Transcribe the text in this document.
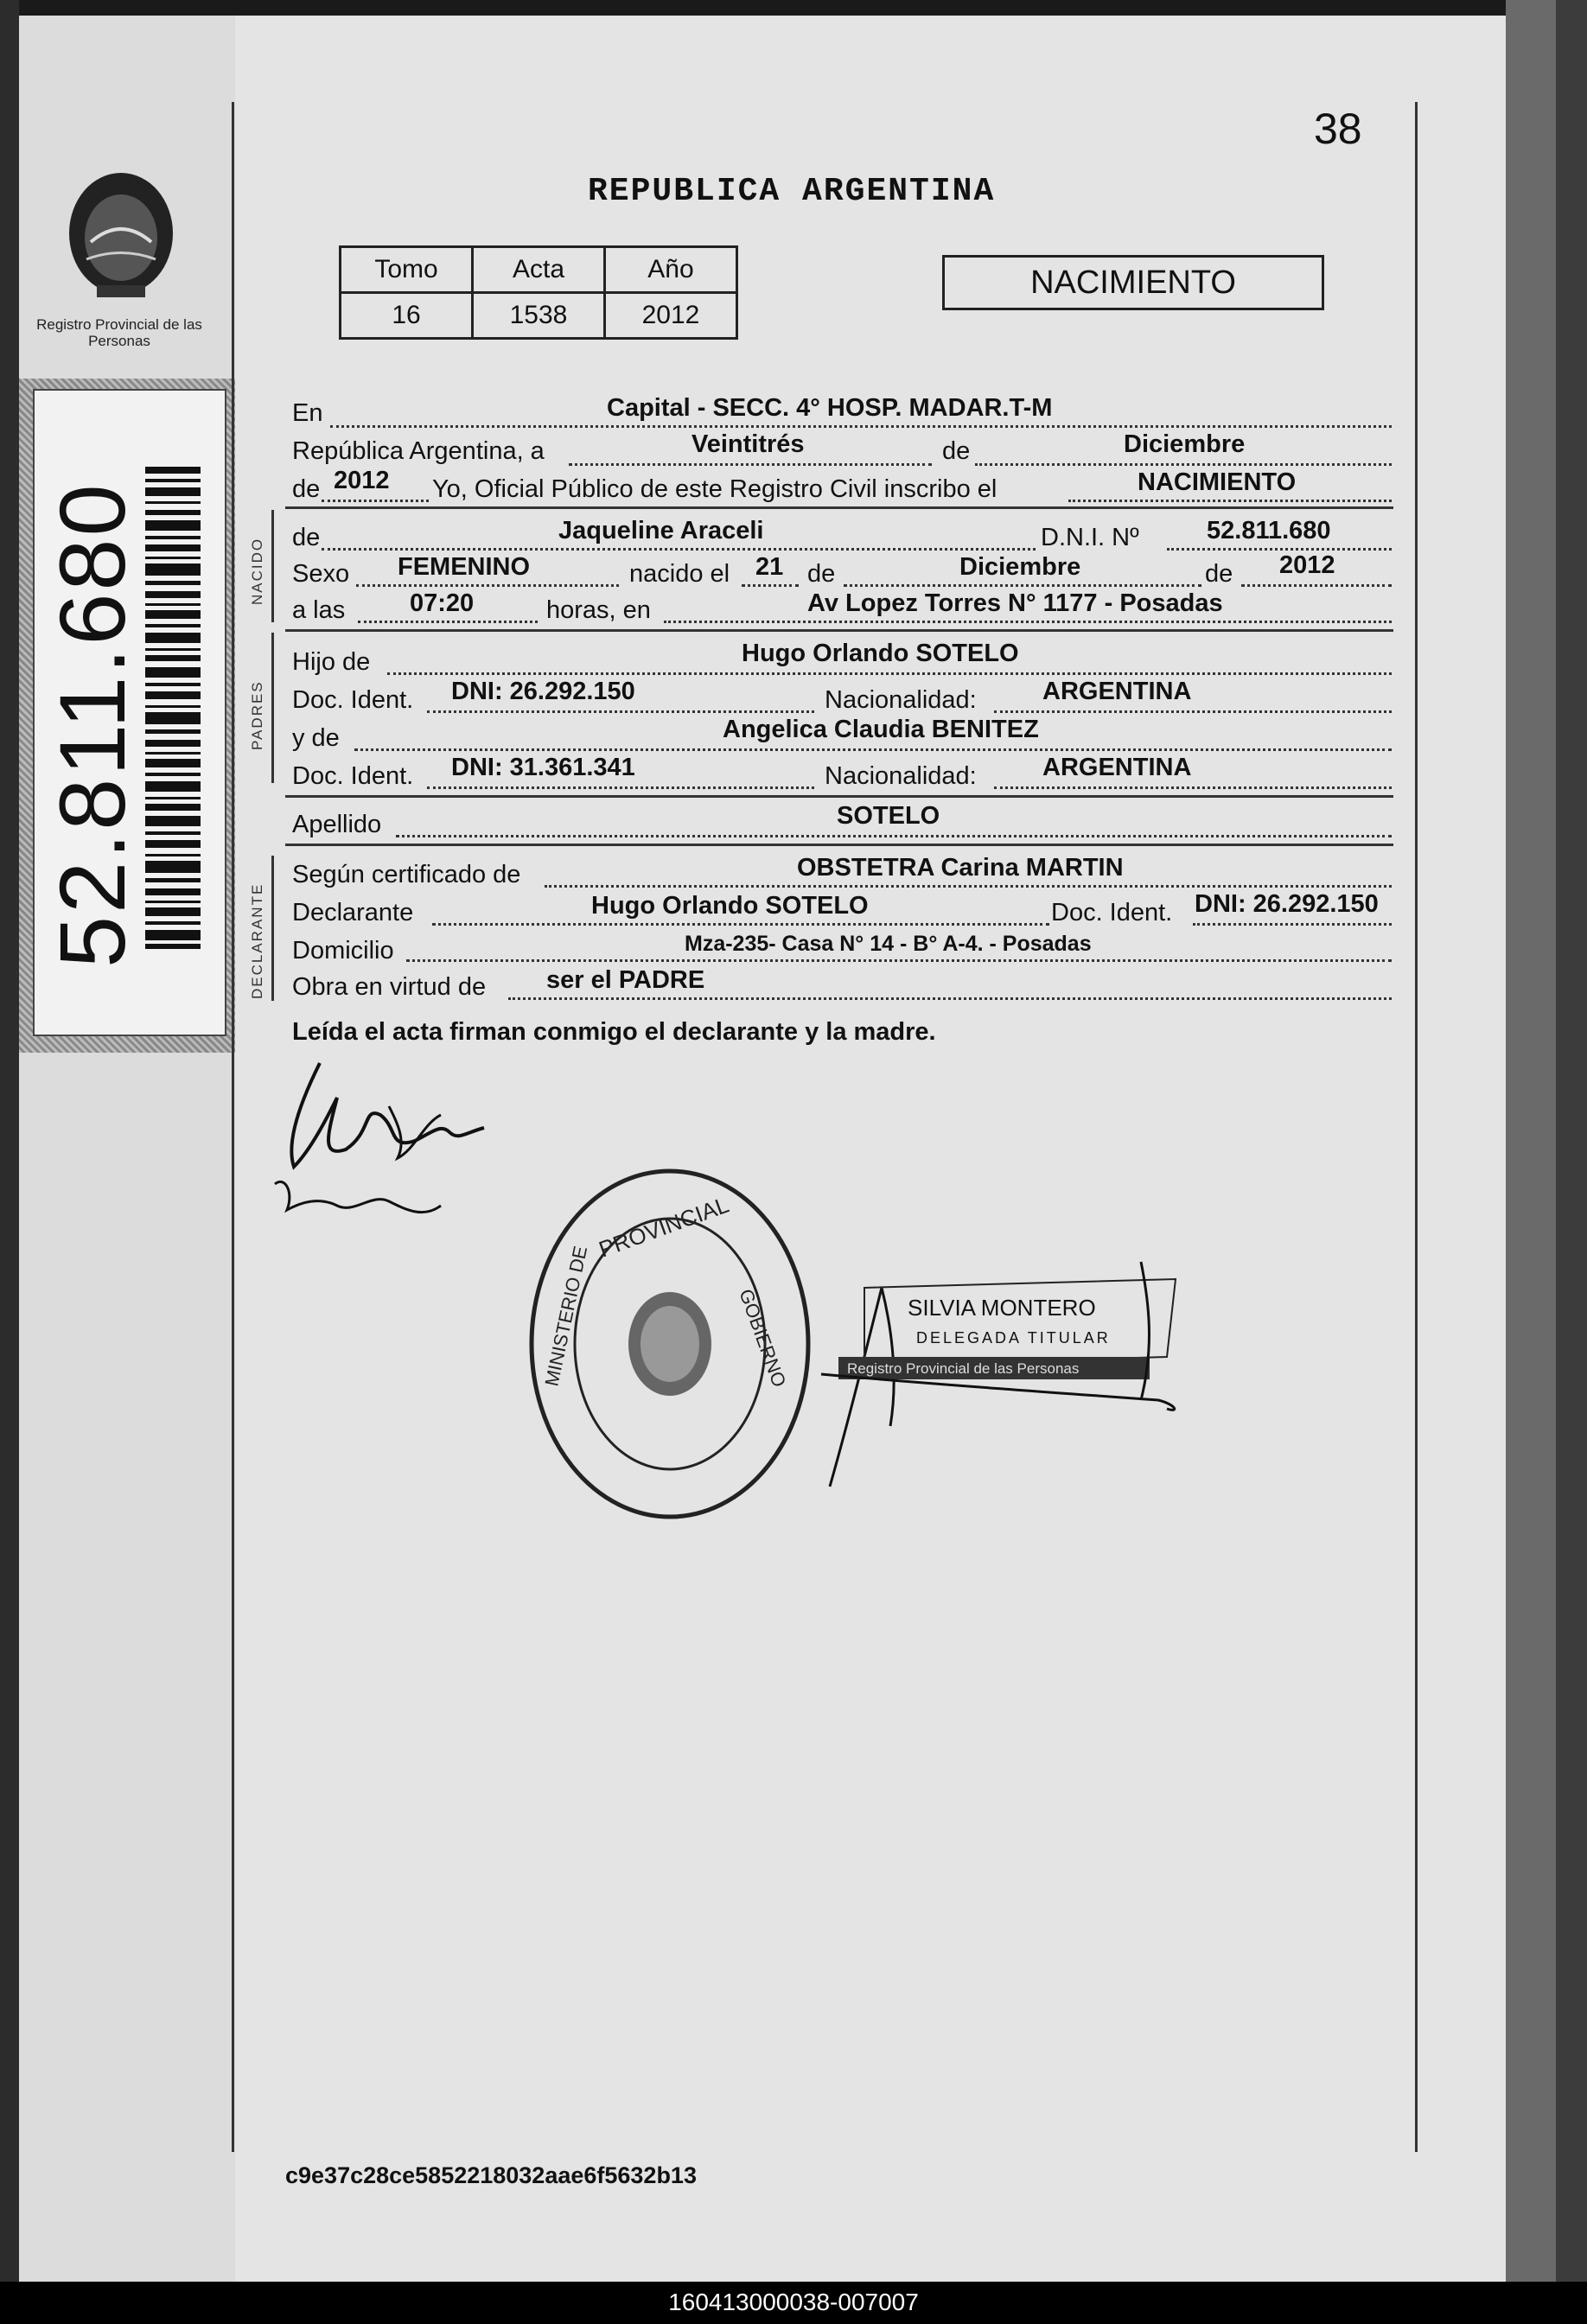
Registro Provincial de las Personas
52.811.680
38
REPUBLICA ARGENTINA
Tomo	Acta	Año
16	1538	2012
NACIMIENTO
En	Capital - SECC. 4° HOSP. MADAR.T-M
República Argentina, a	Veintitrés	de	Diciembre
de 2012 Yo, Oficial Público de este Registro Civil inscribo el	NACIMIENTO
NACIDO de	Jaqueline Araceli	D.N.I. Nº	52.811.680
Sexo FEMENINO	nacido el 21 de	Diciembre	de 2012
a las	07:20	horas, en	Av Lopez Torres N° 1177 - Posadas
PADRES
Hijo de	Hugo Orlando SOTELO
Doc. Ident. DNI: 26.292.150	Nacionalidad:	ARGENTINA
y de	Angelica Claudia BENITEZ
Doc. Ident. DNI: 31.361.341	Nacionalidad:	ARGENTINA
Apellido	SOTELO
DECLARANTE
Según certificado de	OBSTETRA Carina MARTIN
Declarante	Hugo Orlando SOTELO	Doc. Ident. DNI: 26.292.150
Domicilio	Mza-235- Casa N° 14 - B° A-4. - Posadas
Obra en virtud de ser el PADRE
Leída el acta firman conmigo el declarante y la madre.
PROVINCIAL
MINISTERIO DE	GOBIERNO	SILVIA MONTERO
DELEGADA TITULAR
Registro Provincial de las Personas
c9e37c28ce5852218032aae6f5632b13
160413000038-007007
